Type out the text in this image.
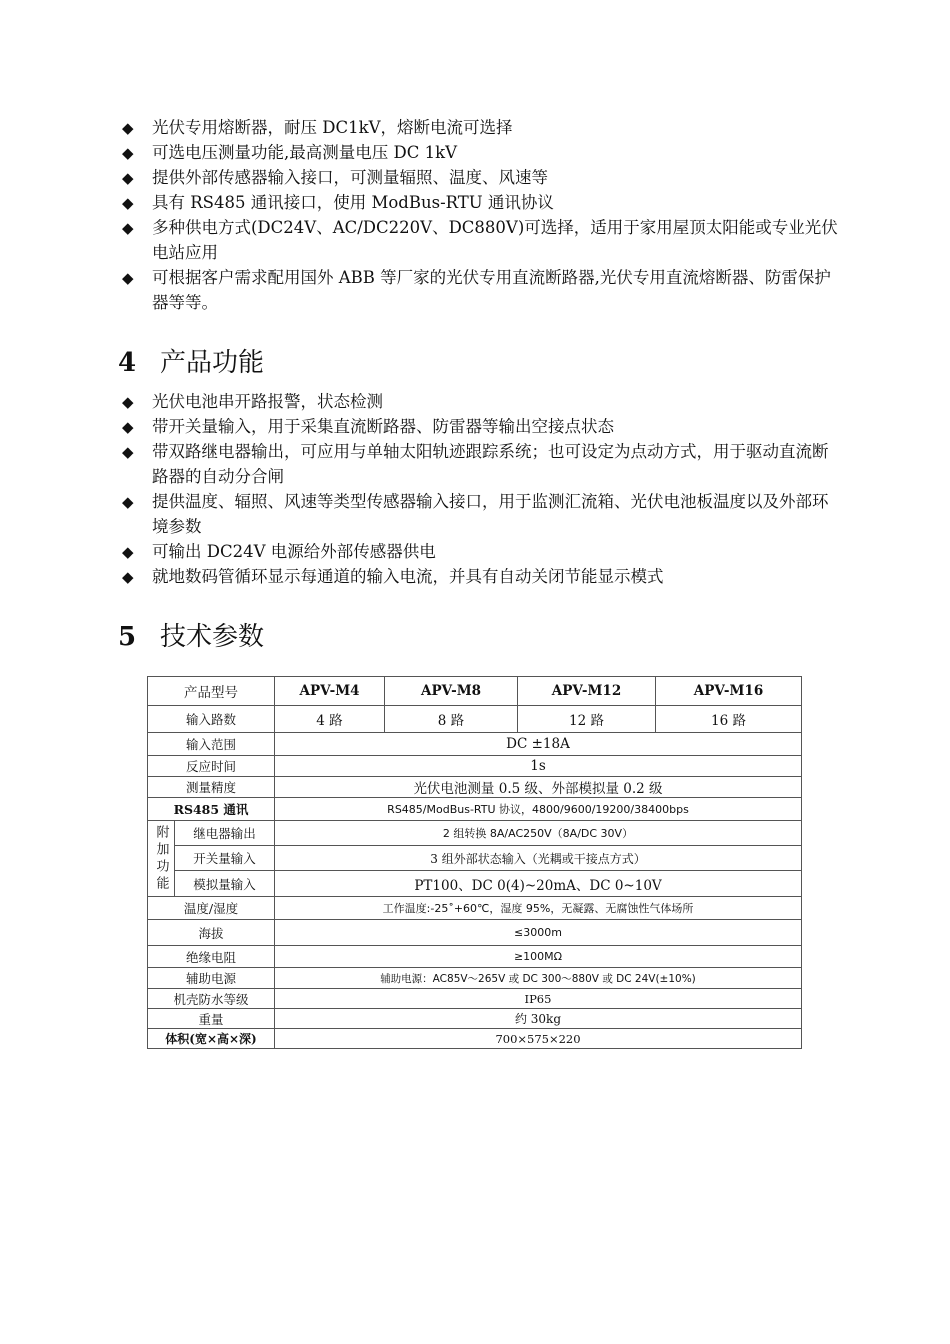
◆ 光伏专用熔断器，耐压 DC1kV，熔断电流可选择
◆ 可选电压测量功能,最高测量电压 DC 1kV
◆ 提供外部传感器输入接口，可测量辐照、温度、风速等
◆ 具有 RS485 通讯接口，使用 ModBus-RTU 通讯协议
◆ 多种供电方式(DC24V、AC/DC220V、DC880V)可选择，适用于家用屋顶太阳能或专业光伏电站应用
◆ 可根据客户需求配用国外 ABB 等厂家的光伏专用直流断路器,光伏专用直流熔断器、防雷保护器等等。
4 产品功能
◆ 光伏电池串开路报警，状态检测
◆ 带开关量输入，用于采集直流断路器、防雷器等输出空接点状态
◆ 带双路继电器输出，可应用与单轴太阳轨迹跟踪系统；也可设定为点动方式，用于驱动直流断路器的自动分合闸
◆ 提供温度、辐照、风速等类型传感器输入接口，用于监测汇流箱、光伏电池板温度以及外部环境参数
◆ 可输出 DC24V 电源给外部传感器供电
◆ 就地数码管循环显示每通道的输入电流，并具有自动关闭节能显示模式
5 技术参数
产品型号		APV-M4	APV-M8	APV-M12	APV-M16
输入路数		4 路	8 路	12 路	16 路
输入范围		DC ±18A			
反应时间		1s			
测量精度		光伏电池测量 0.5 级、外部模拟量 0.2 级			
RS485 通讯		RS485/ModBus-RTU 协议，4800/9600/19200/38400bps			
附加功能	继电器输出	2 组转换 8A/AC250V（8A/DC 30V）			
	开关量输入	3 组外部状态输入（光耦或干接点方式）			
	模拟量输入	PT100、DC 0(4)~20mA、DC 0~10V			
温度/湿度		工作温度:-25˚+60℃，湿度 95%，无凝露、无腐蚀性气体场所			
海拔		≤3000m			
绝缘电阻		≥100MΩ			
辅助电源		辅助电源：AC85V～265V 或 DC 300～880V 或 DC 24V(±10%)			
机壳防水等级		IP65			
重量		约 30kg			
体积(宽×高×深)		700×575×220			
